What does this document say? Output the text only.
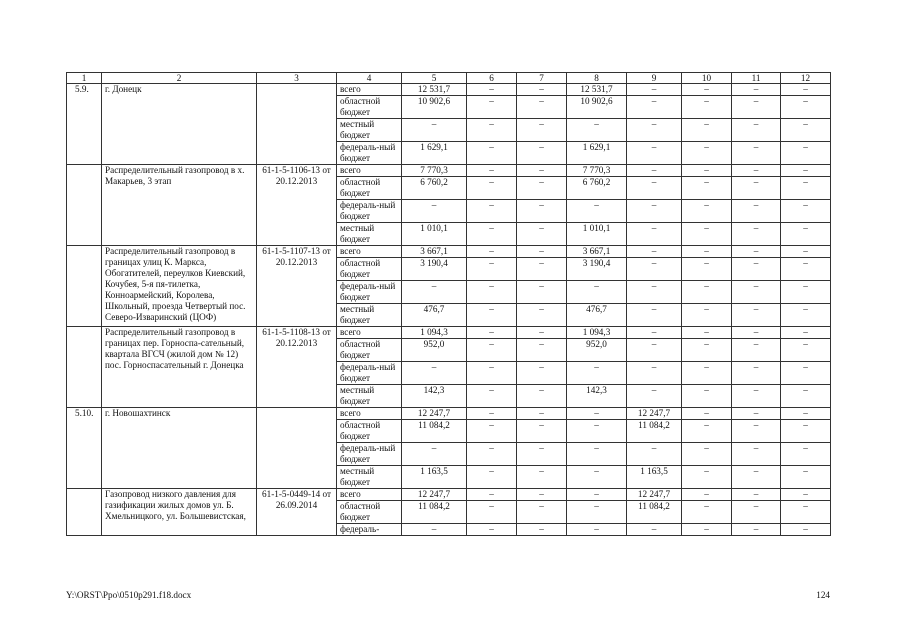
1	2	3	4	5	6	7	8	9	10	11	12
5.9.	г. Донецк		всего	12 531,7	–	–	12 531,7	–	–	–	–
			областной бюджет	10 902,6	–	–	10 902,6	–	–	–	–
			местный бюджет	–	–	–	–	–	–	–	–
			федераль-ный бюджет	1 629,1	–	–	1 629,1	–	–	–	–
	Распределительный газопровод в х. Макарьев, 3 этап	61-1-5-1106-13 от 20.12.2013	всего	7 770,3	–	–	7 770,3	–	–	–	–
			областной бюджет	6 760,2	–	–	6 760,2	–	–	–	–
			федераль-ный бюджет	–	–	–	–	–	–	–	–
			местный бюджет	1 010,1	–	–	1 010,1	–	–	–	–
	Распределительный газопровод в границах улиц К. Маркса, Обогатителей, переулков Киевский, Кочубея, 5-я пя-тилетка, Коннoармейский, Королева, Школьный, проезда Четвертый пос. Северо-Изваринский (ЦОФ)	61-1-5-1107-13 от 20.12.2013	всего	3 667,1	–	–	3 667,1	–	–	–	–
			областной бюджет	3 190,4	–	–	3 190,4	–	–	–	–
			федераль-ный бюджет	–	–	–	–	–	–	–	–
			местный бюджет	476,7	–	–	476,7	–	–	–	–
	Распределительный газопровод в границах пер. Горноспа-сательный, квартала ВГСЧ (жилой дом № 12) пос. Горноспасательный г. Донецка	61-1-5-1108-13 от 20.12.2013	всего	1 094,3	–	–	1 094,3	–	–	–	–
			областной бюджет	952,0	–	–	952,0	–	–	–	–
			федераль-ный бюджет	–	–	–	–	–	–	–	–
			местный бюджет	142,3	–	–	142,3	–	–	–	–
5.10.	г. Новошахтинск		всего	12 247,7	–	–	–	12 247,7	–	–	–
			областной бюджет	11 084,2	–	–	–	11 084,2	–	–	–
			федераль-ный бюджет	–	–	–	–	–	–	–	–
			местный бюджет	1 163,5	–	–	–	1 163,5	–	–	–
	Газопровод низкого давления для газификации жилых домов ул. Б. Хмельницкого, ул. Большевистская,	61-1-5-0449-14 от 26.09.2014	всего	12 247,7	–	–	–	12 247,7	–	–	–
			областной бюджет	11 084,2	–	–	–	11 084,2	–	–	–
			федераль-	–	–	–	–	–	–	–	–
Y:\ORST\Ppo\0510p291.f18.docx	124
